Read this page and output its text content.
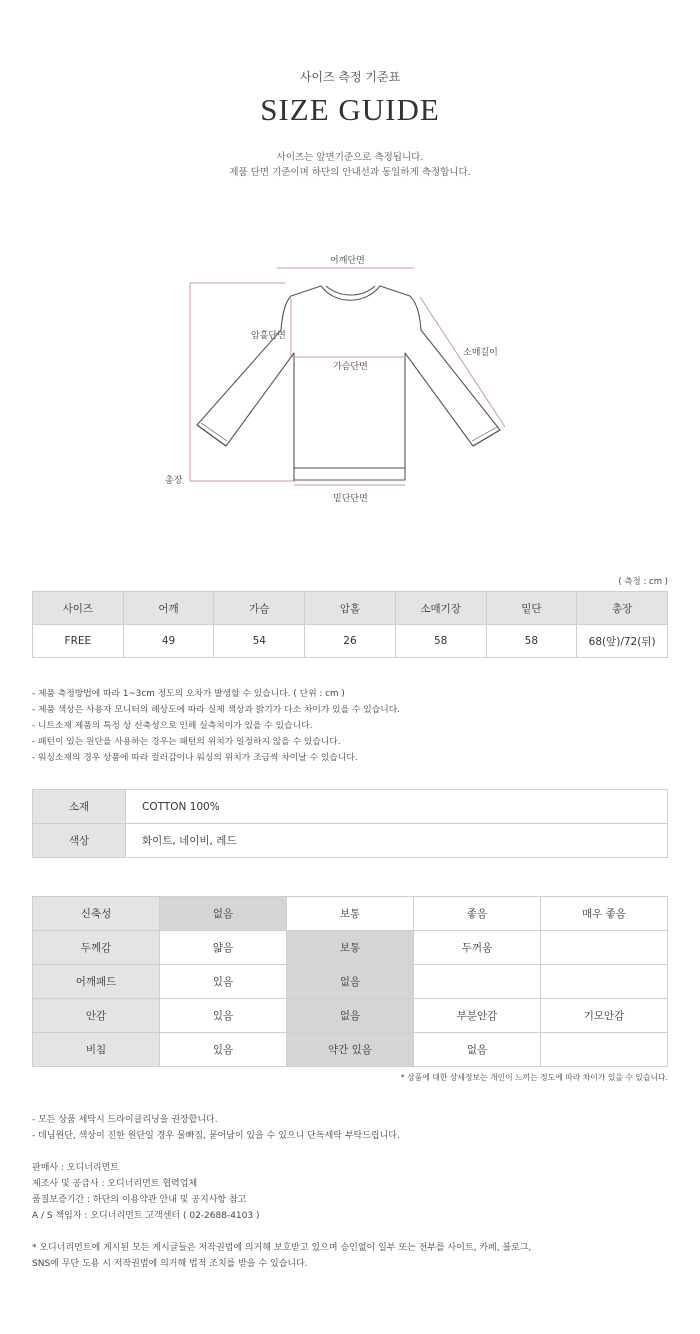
사이즈 측정 기준표
SIZE GUIDE
사이즈는 앞면기준으로 측정됩니다.
제품 단면 기준이며 하단의 안내선과 동일하게 측정합니다.
어깨단면
암홀단면
소매길이
가슴단면
총장
밑단단면
( 측정 : cm )
사이즈	어깨	가슴	암홀	소매기장	밑단	총장
FREE	49	54	26	58	58	68(앞)/72(뒤)
- 제품 측정방법에 따라 1~3cm 정도의 오차가 발생할 수 있습니다. ( 단위 : cm )
- 제품 색상은 사용자 모니터의 해상도에 따라 실제 색상과 밝기가 다소 차이가 있을 수 있습니다.
- 니트소재 제품의 특정 상 신축성으로 인해 실측치이가 있을 수 있습니다.
- 패턴이 있는 원단을 사용하는 경우는 패턴의 위치가 일정하지 않을 수 있습니다.
- 워싱소재의 경우 상품에 따라 컬러감이나 워싱의 위치가 조금씩 차이날 수 있습니다.
소재	COTTON 100%
색상	화이트, 네이비, 레드
신축성	없음	보통	좋음	매우 좋음
두께감	얇음	보통	두꺼움	
어깨패드	있음	없음		
안감	있음	없음	부분안감	기모안감
비침	있음	약간 있음	없음	
* 상품에 대한 상세정보는 개인이 느끼는 정도에 따라 차이가 있을 수 있습니다.
- 모든 상품 세탁시 드라이클리닝을 권장합니다.
- 데님원단, 색상이 진한 원단일 경우 물빠짐, 묻어남이 있을 수 있으니 단독세탁 부탁드립니다.
판매사 : 오디너리먼트
제조사 및 공급사 : 오디너리먼트 협력업체
품질보증기간 : 하단의 이용약관 안내 및 공지사항 참고
A / S 책임자 : 오디너리먼트 고객센터 ( 02-2688-4103 )
* 오디너리먼트에 게시된 모든 게시글들은 저작권법에 의거해 보호받고 있으며 승인없이 일부 또는 전부를 사이트, 카페, 블로그,
SNS에 무단 도용 시 저작권법에 의거해 법적 조치를 받을 수 있습니다.
